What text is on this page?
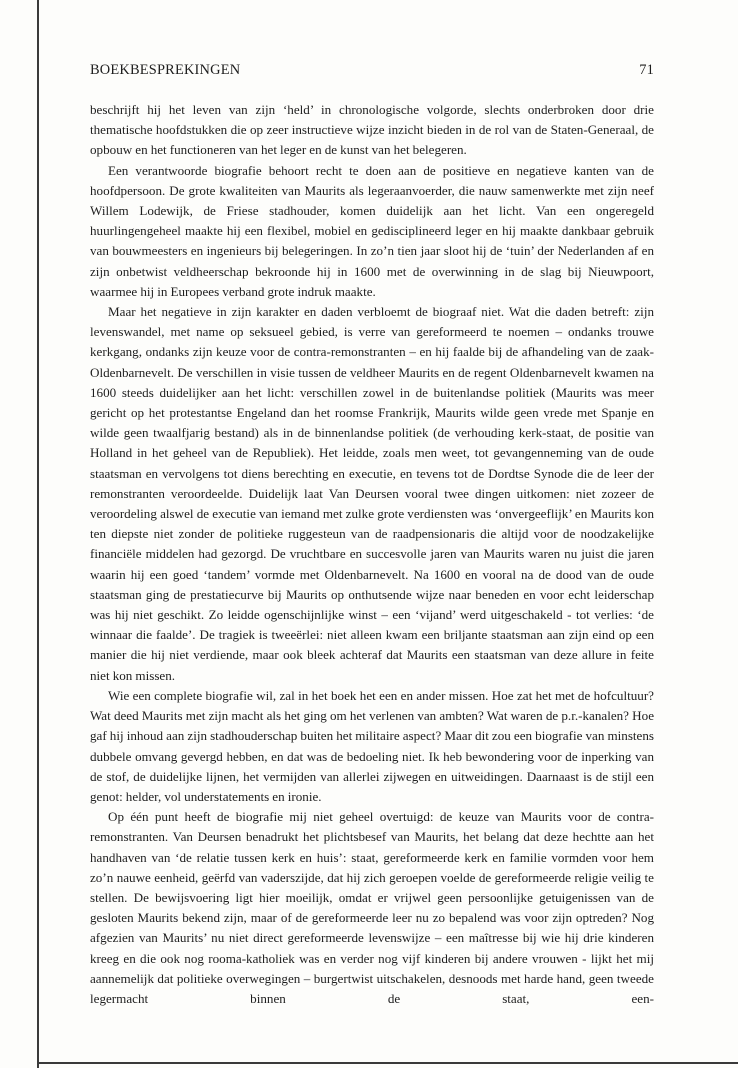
BOEKBESPREKINGEN	71

beschrijft hij het leven van zijn ‘held’ in chronologische volgorde, slechts onderbroken door drie thematische hoofdstukken die op zeer instructieve wijze inzicht bieden in de rol van de Staten-Generaal, de opbouw en het functioneren van het leger en de kunst van het belegeren.

Een verantwoorde biografie behoort recht te doen aan de positieve en negatieve kanten van de hoofdpersoon. De grote kwaliteiten van Maurits als legeraanvoerder, die nauw samenwerkte met zijn neef Willem Lodewijk, de Friese stadhouder, komen duidelijk aan het licht. Van een ongeregeld huurlingengeheel maakte hij een flexibel, mobiel en gedisciplineerd leger en hij maakte dankbaar gebruik van bouwmeesters en ingenieurs bij belegeringen. In zo’n tien jaar sloot hij de ‘tuin’ der Nederlanden af en zijn onbetwist veldheerschap bekroonde hij in 1600 met de overwinning in de slag bij Nieuwpoort, waarmee hij in Europees verband grote indruk maakte.

Maar het negatieve in zijn karakter en daden verbloemt de biograaf niet. Wat die daden betreft: zijn levenswandel, met name op seksueel gebied, is verre van gereformeerd te noemen – ondanks trouwe kerkgang, ondanks zijn keuze voor de contra-remonstranten – en hij faalde bij de afhandeling van de zaak-Oldenbarnevelt. De verschillen in visie tussen de veldheer Maurits en de regent Oldenbarnevelt kwamen na 1600 steeds duidelijker aan het licht: verschillen zowel in de buitenlandse politiek (Maurits was meer gericht op het protestantse Engeland dan het roomse Frankrijk, Maurits wilde geen vrede met Spanje en wilde geen twaalfjarig bestand) als in de binnenlandse politiek (de verhouding kerk-staat, de positie van Holland in het geheel van de Republiek). Het leidde, zoals men weet, tot gevangenneming van de oude staatsman en vervolgens tot diens berechting en executie, en tevens tot de Dordtse Synode die de leer der remonstranten veroordeelde. Duidelijk laat Van Deursen vooral twee dingen uitkomen: niet zozeer de veroordeling alswel de executie van iemand met zulke grote verdiensten was ‘onvergeeflijk’ en Maurits kon ten diepste niet zonder de politieke ruggesteun van de raadpensionaris die altijd voor de noodzakelijke financiële middelen had gezorgd. De vruchtbare en succesvolle jaren van Maurits waren nu juist die jaren waarin hij een goed ‘tandem’ vormde met Oldenbarnevelt. Na 1600 en vooral na de dood van de oude staatsman ging de prestatiecurve bij Maurits op onthutsende wijze naar beneden en voor echt leiderschap was hij niet geschikt. Zo leidde ogenschijnlijke winst – een ‘vijand’ werd uitgeschakeld - tot verlies: ‘de winnaar die faalde’. De tragiek is tweeërlei: niet alleen kwam een briljante staatsman aan zijn eind op een manier die hij niet verdiende, maar ook bleek achteraf dat Maurits een staatsman van deze allure in feite niet kon missen.

Wie een complete biografie wil, zal in het boek het een en ander missen. Hoe zat het met de hofcultuur? Wat deed Maurits met zijn macht als het ging om het verlenen van ambten? Wat waren de p.r.-kanalen? Hoe gaf hij inhoud aan zijn stadhouderschap buiten het militaire aspect? Maar dit zou een biografie van minstens dubbele omvang gevergd hebben, en dat was de bedoeling niet. Ik heb bewondering voor de inperking van de stof, de duidelijke lijnen, het vermijden van allerlei zijwegen en uitweidingen. Daarnaast is de stijl een genot: helder, vol understatements en ironie.

Op één punt heeft de biografie mij niet geheel overtuigd: de keuze van Maurits voor de contra-remonstranten. Van Deursen benadrukt het plichtsbesef van Maurits, het belang dat deze hechtte aan het handhaven van ‘de relatie tussen kerk en huis’: staat, gereformeerde kerk en familie vormden voor hem zo’n nauwe eenheid, geërfd van vaderszijde, dat hij zich geroepen voelde de gereformeerde religie veilig te stellen. De bewijsvoering ligt hier moeilijk, omdat er vrijwel geen persoonlijke getuigenissen van de gesloten Maurits bekend zijn, maar of de gereformeerde leer nu zo bepalend was voor zijn optreden? Nog afgezien van Maurits’ nu niet direct gereformeerde levenswijze – een maîtresse bij wie hij drie kinderen kreeg en die ook nog rooma-katholiek was en verder nog vijf kinderen bij andere vrouwen - lijkt het mij aannemelijk dat politieke overwegingen – burgertwist uitschakelen, desnoods met harde hand, geen tweede legermacht binnen de staat, een-
